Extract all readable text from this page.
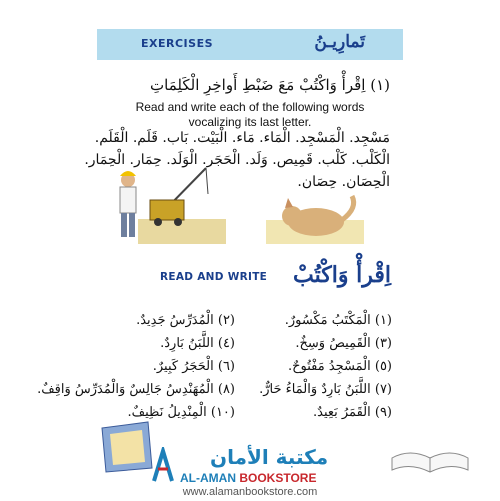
EXERCISES	تَمارِيـنُ
(١) اِقْرأْ وَاكْتُبْ مَعَ ضَبْطِ أَواخِرِ الْكَلِمَاتِ
Read and write each of the following words
vocalizing its last letter.
مَسْجِد. الْمَسْجِد. الْمَاء. مَاء. الْبَيْت. بَاب. قَلَم. الْقَلَم.
الْكَلْب. كَلْب. قَمِيص. وَلَد. الْحَجَر. الْوَلَد. حِمَار. الْحِمَار.
الْحِصَان. حِصَان.
READ AND WRITE اِقْرأْ وَاكْتُبْ
(١) الْمَكْتَبُ مَكْسُورٌ.
(٣) الْقَمِيصُ وَسِخٌ.
(٥) الْمَسْجِدُ مَفْتُوحٌ.
(٧) اللَّبَنُ بَارِدٌ وَالْمَاءُ حَارٌّ.
(٩) الْقَمَرُ بَعِيدٌ.
(٢) الْمُدَرِّسُ جَدِيدٌ.
(٤) اللَّبَنُ بَارِدٌ.
(٦) الْحَجَرُ كَبِيرٌ.
(٨) الْمُهَنْدِسُ جَالِسٌ وَالْمُدَرِّسُ وَاقِفٌ.
(١٠) الْمِنْدِيلُ نَظِيفٌ.
مكتبة الأمان
AL-AMAN BOOKSTORE
www.alamanbookstore.com
